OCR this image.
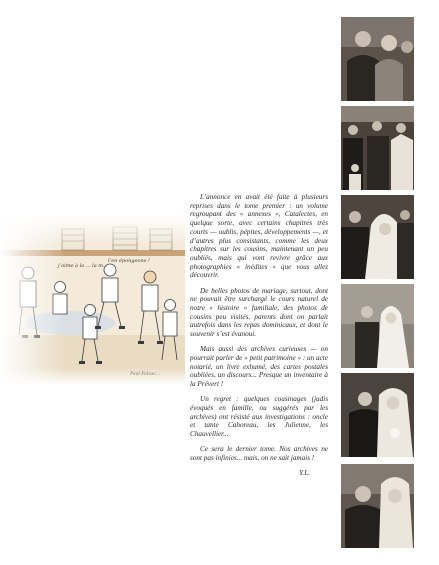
L’annonce en avait été faite à plusieurs reprises dans le tome premier : un volume regroupant des « annexes », Catalectes, en quelque sorte, avec certains chapitres très courts — oublis, pépites, développements —, et d’autres plus consistants, comme les deux chapitres sur les cousins, maintenant un peu oubliés, mais qui vont revivre grâce aux photographies « inédites » que vous allez découvrir.

De belles photos de mariage, surtout, dont ne pouvait être surchargé le cours naturel de notre « histoire » familiale, des photos de cousins peu visités, parents dont on parlait autrefois dans les repas dominicaux, et dont le souvenir s’est évanoui.

Mais aussi des archives curieuses — on pourrait parler de « petit patrimoine » : un acte notarié, un livre exhumé, des cartes postales oubliées, un discours... Presque un inventaire à la Prévert !

Un regret : quelques cousinages (jadis évoqués en famille, ou suggérés par les archives) ont résisté aux investigations : oncle et tante Cahoreau, les Julienne, les Chauvellier...

Ce sera le dernier tome. Nos archives ne sont pas infinies... mais, on ne sait jamais !

Y.L.
